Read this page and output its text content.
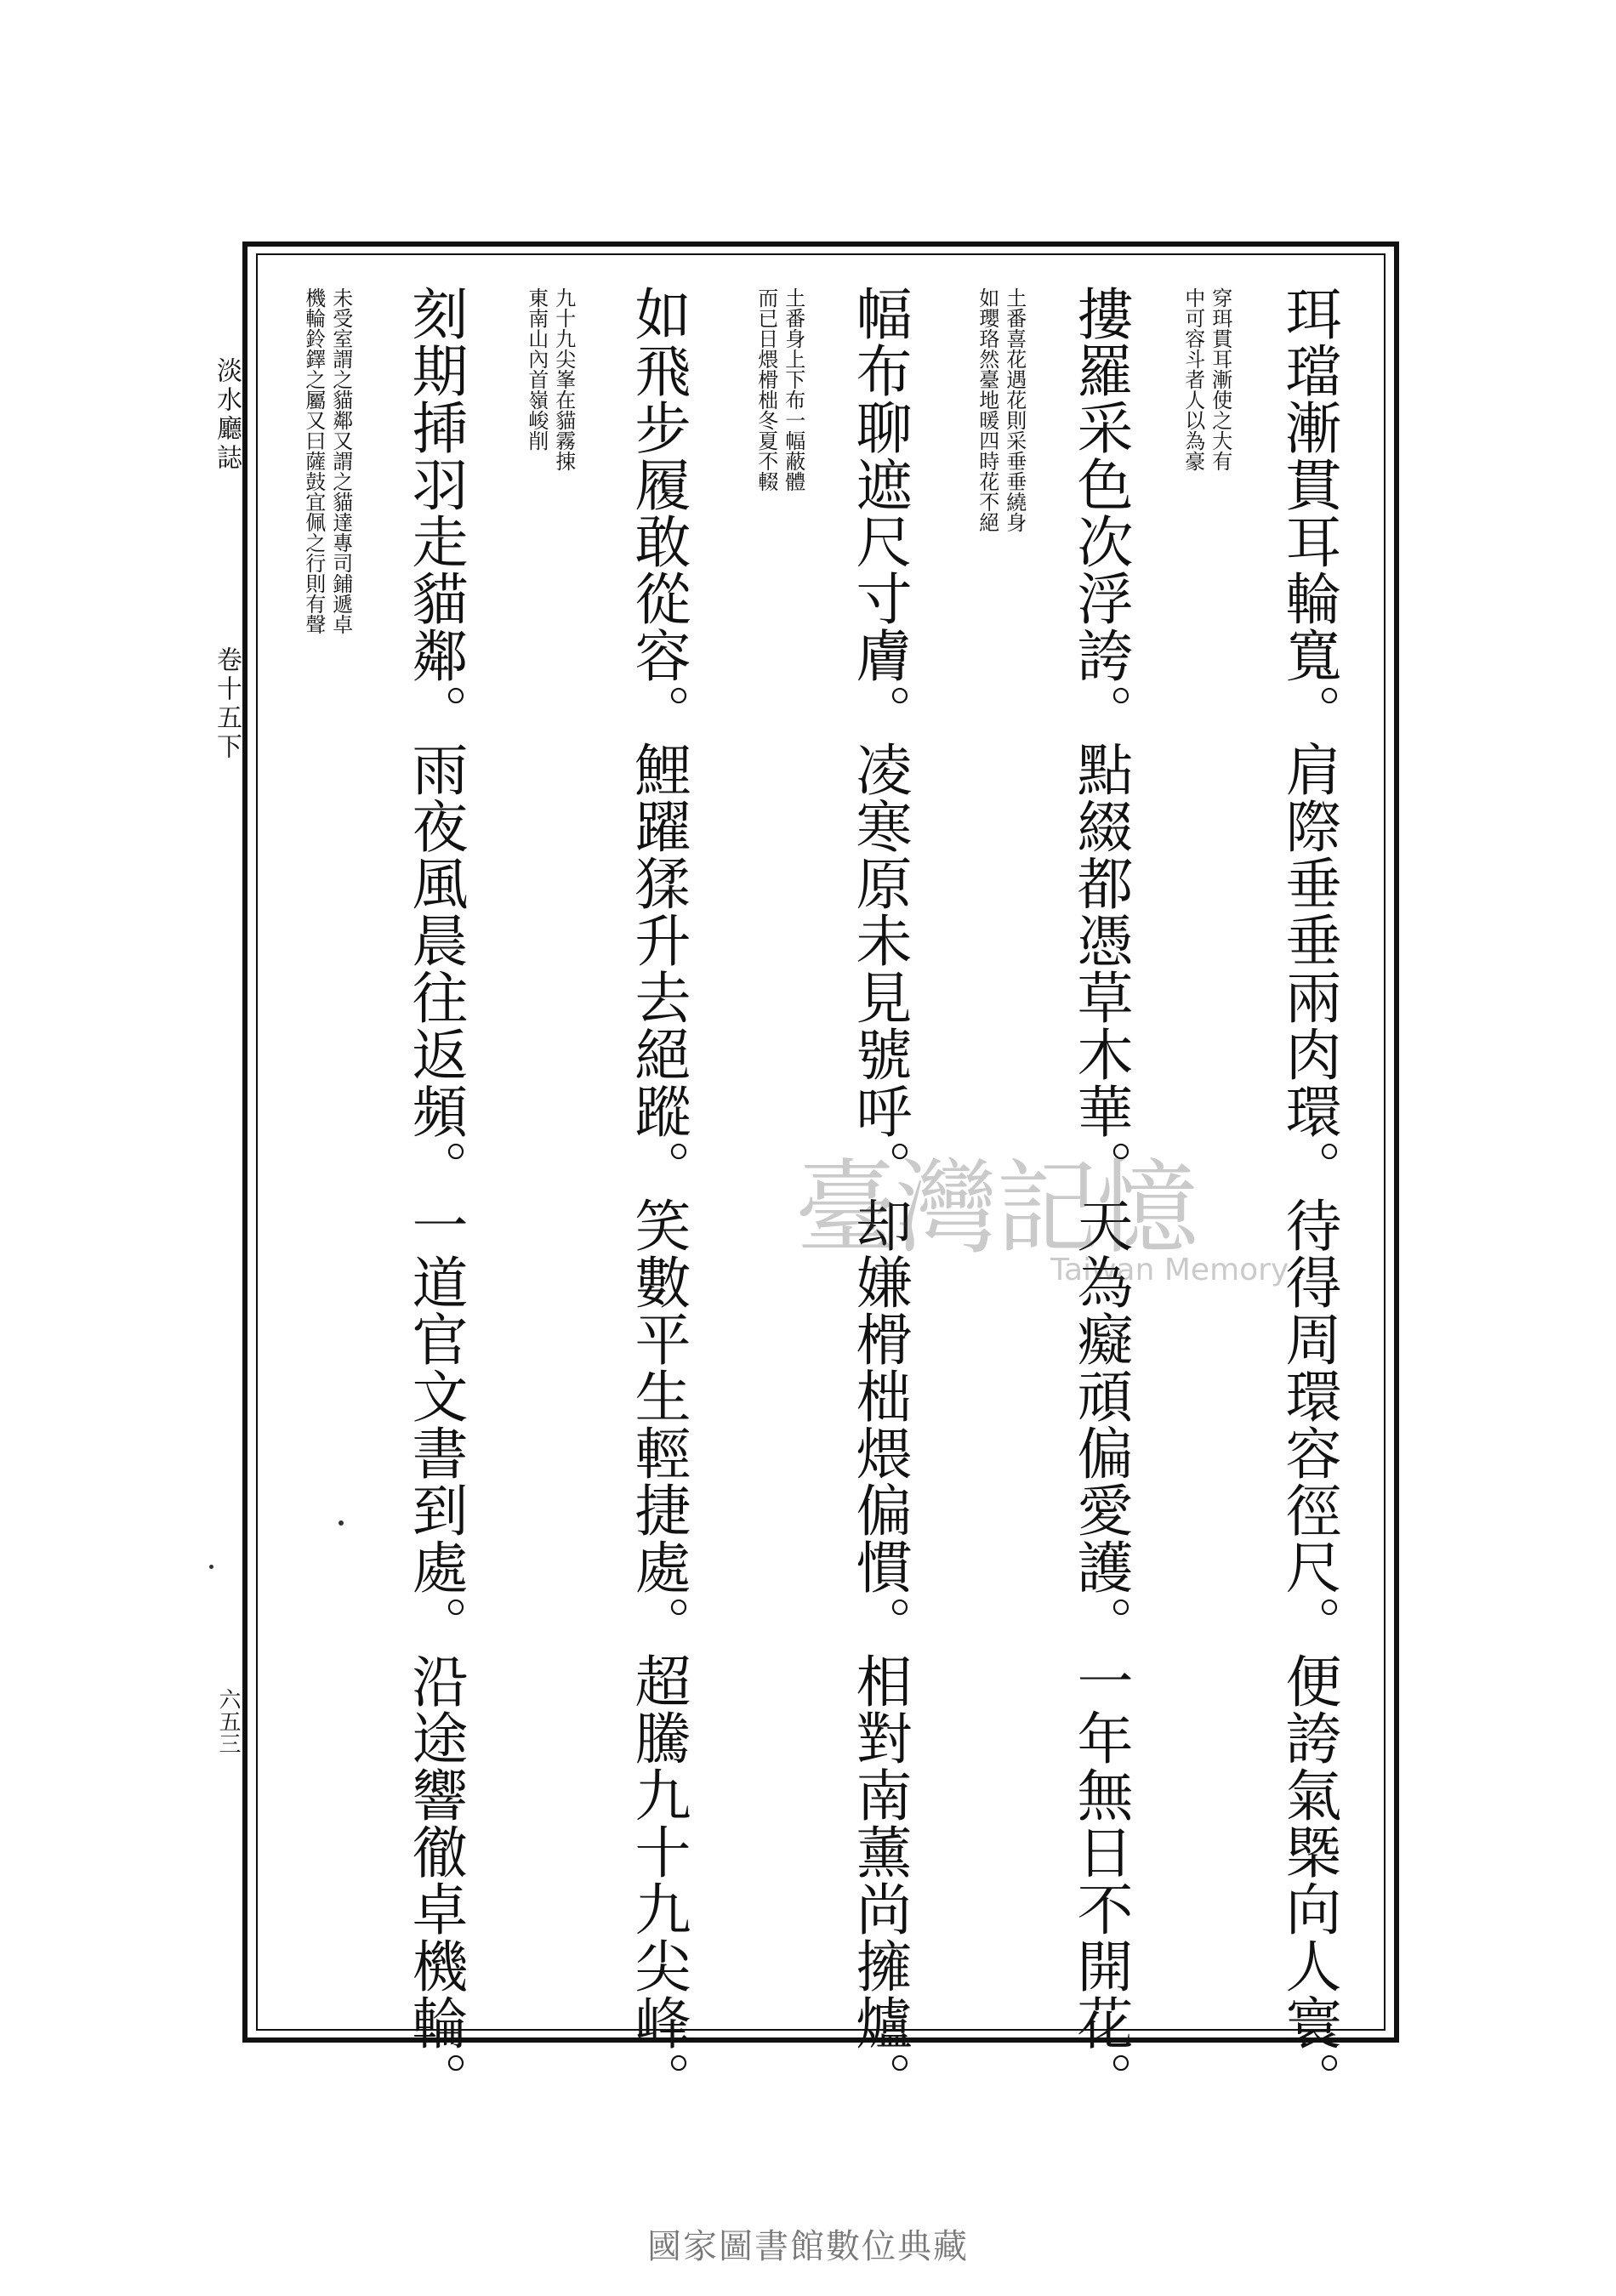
淡水廳誌
卷十五下
六五三	珥璫漸貫耳輪寬。肩際垂垂兩肉環。待得周環容徑尺。便誇氣槩向人寰。
穿珥貫耳漸使之大有
中可容斗者人以為豪
摟羅采色次浮誇。點綴都憑草木華。天為癡頑偏愛護。一年無日不開花。
土番喜花遇花則采垂垂繞身
如瓔珞然臺地暖四時花不絕
幅布聊遮尺寸膚。凌寒原未見號呼。却嫌榾柮煨偏慣。相對南薰尚擁爐。
土番身上下布一幅蔽體
而已日煨榾柮冬夏不輟
如飛步履敢從容。鯉躍猱升去絕蹤。笑數平生輕捷處。超騰九十九尖峰。
九十九尖峯在貓霧捒
東南山內首嶺峻削
刻期揷羽走貓鄰。雨夜風晨往返頻。一道官文書到處。沿途響徹卓機輪。
未受室謂之貓鄰又謂之貓達專司鋪遞卓
機輪鈴鐸之屬又曰薩鼓宜佩之行則有聲
臺灣記憶
Taiwan Memory
國家圖書館數位典藏
